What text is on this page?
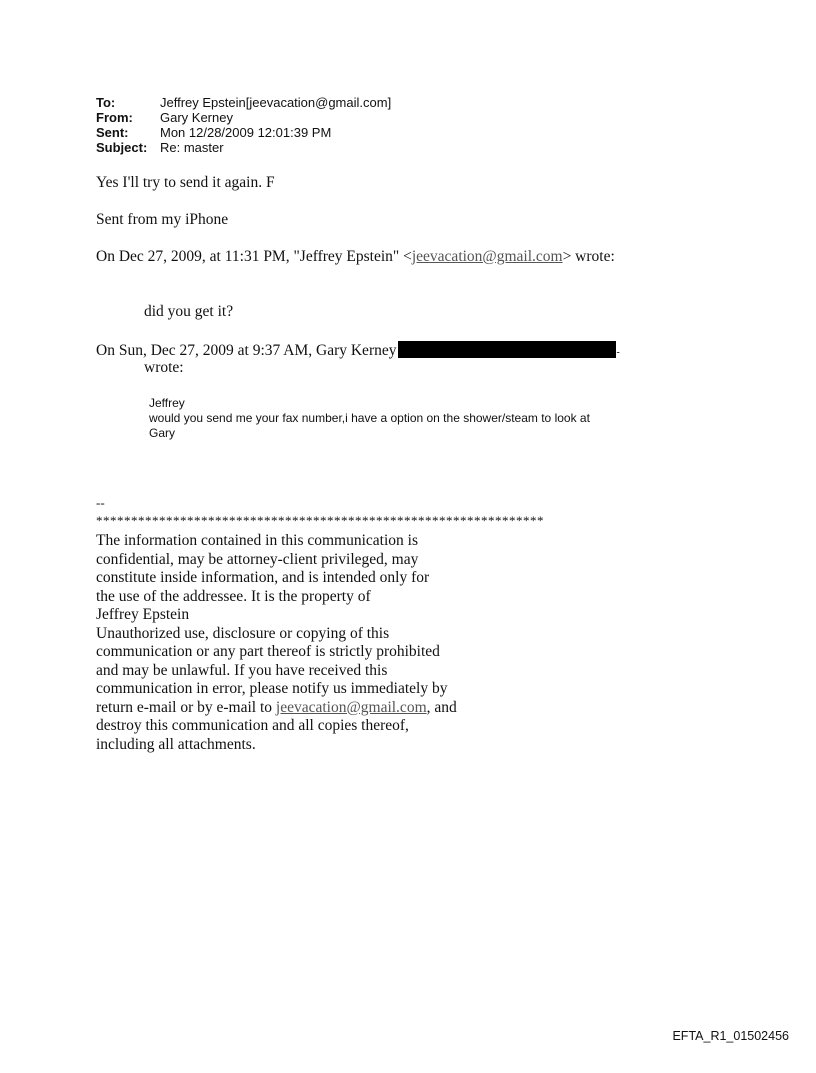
To:	Jeffrey Epstein[jeevacation@gmail.com]
From:	Gary Kerney
Sent:	Mon 12/28/2009 12:01:39 PM
Subject: Re: master
Yes I'll try to send it again. F
Sent from my iPhone
On Dec 27, 2009, at 11:31 PM, "Jeffrey Epstein" <jeevacation@gmail.com> wrote:
did you get it?
On Sun, Dec 27, 2009 at 9:37 AM, Gary Kerney	-
wrote:
Jeffrey
would you send me your fax number,i have a option on the shower/steam to look at
Gary
--
****************************************************************
The information contained in this communication is
confidential, may be attorney-client privileged, may
constitute inside information, and is intended only for
the use of the addressee. It is the property of
Jeffrey Epstein
Unauthorized use, disclosure or copying of this
communication or any part thereof is strictly prohibited
and may be unlawful. If you have received this
communication in error, please notify us immediately by
return e-mail or by e-mail to jeevacation@gmail.com, and
destroy this communication and all copies thereof,
including all attachments.
EFTA_R1_01502456
